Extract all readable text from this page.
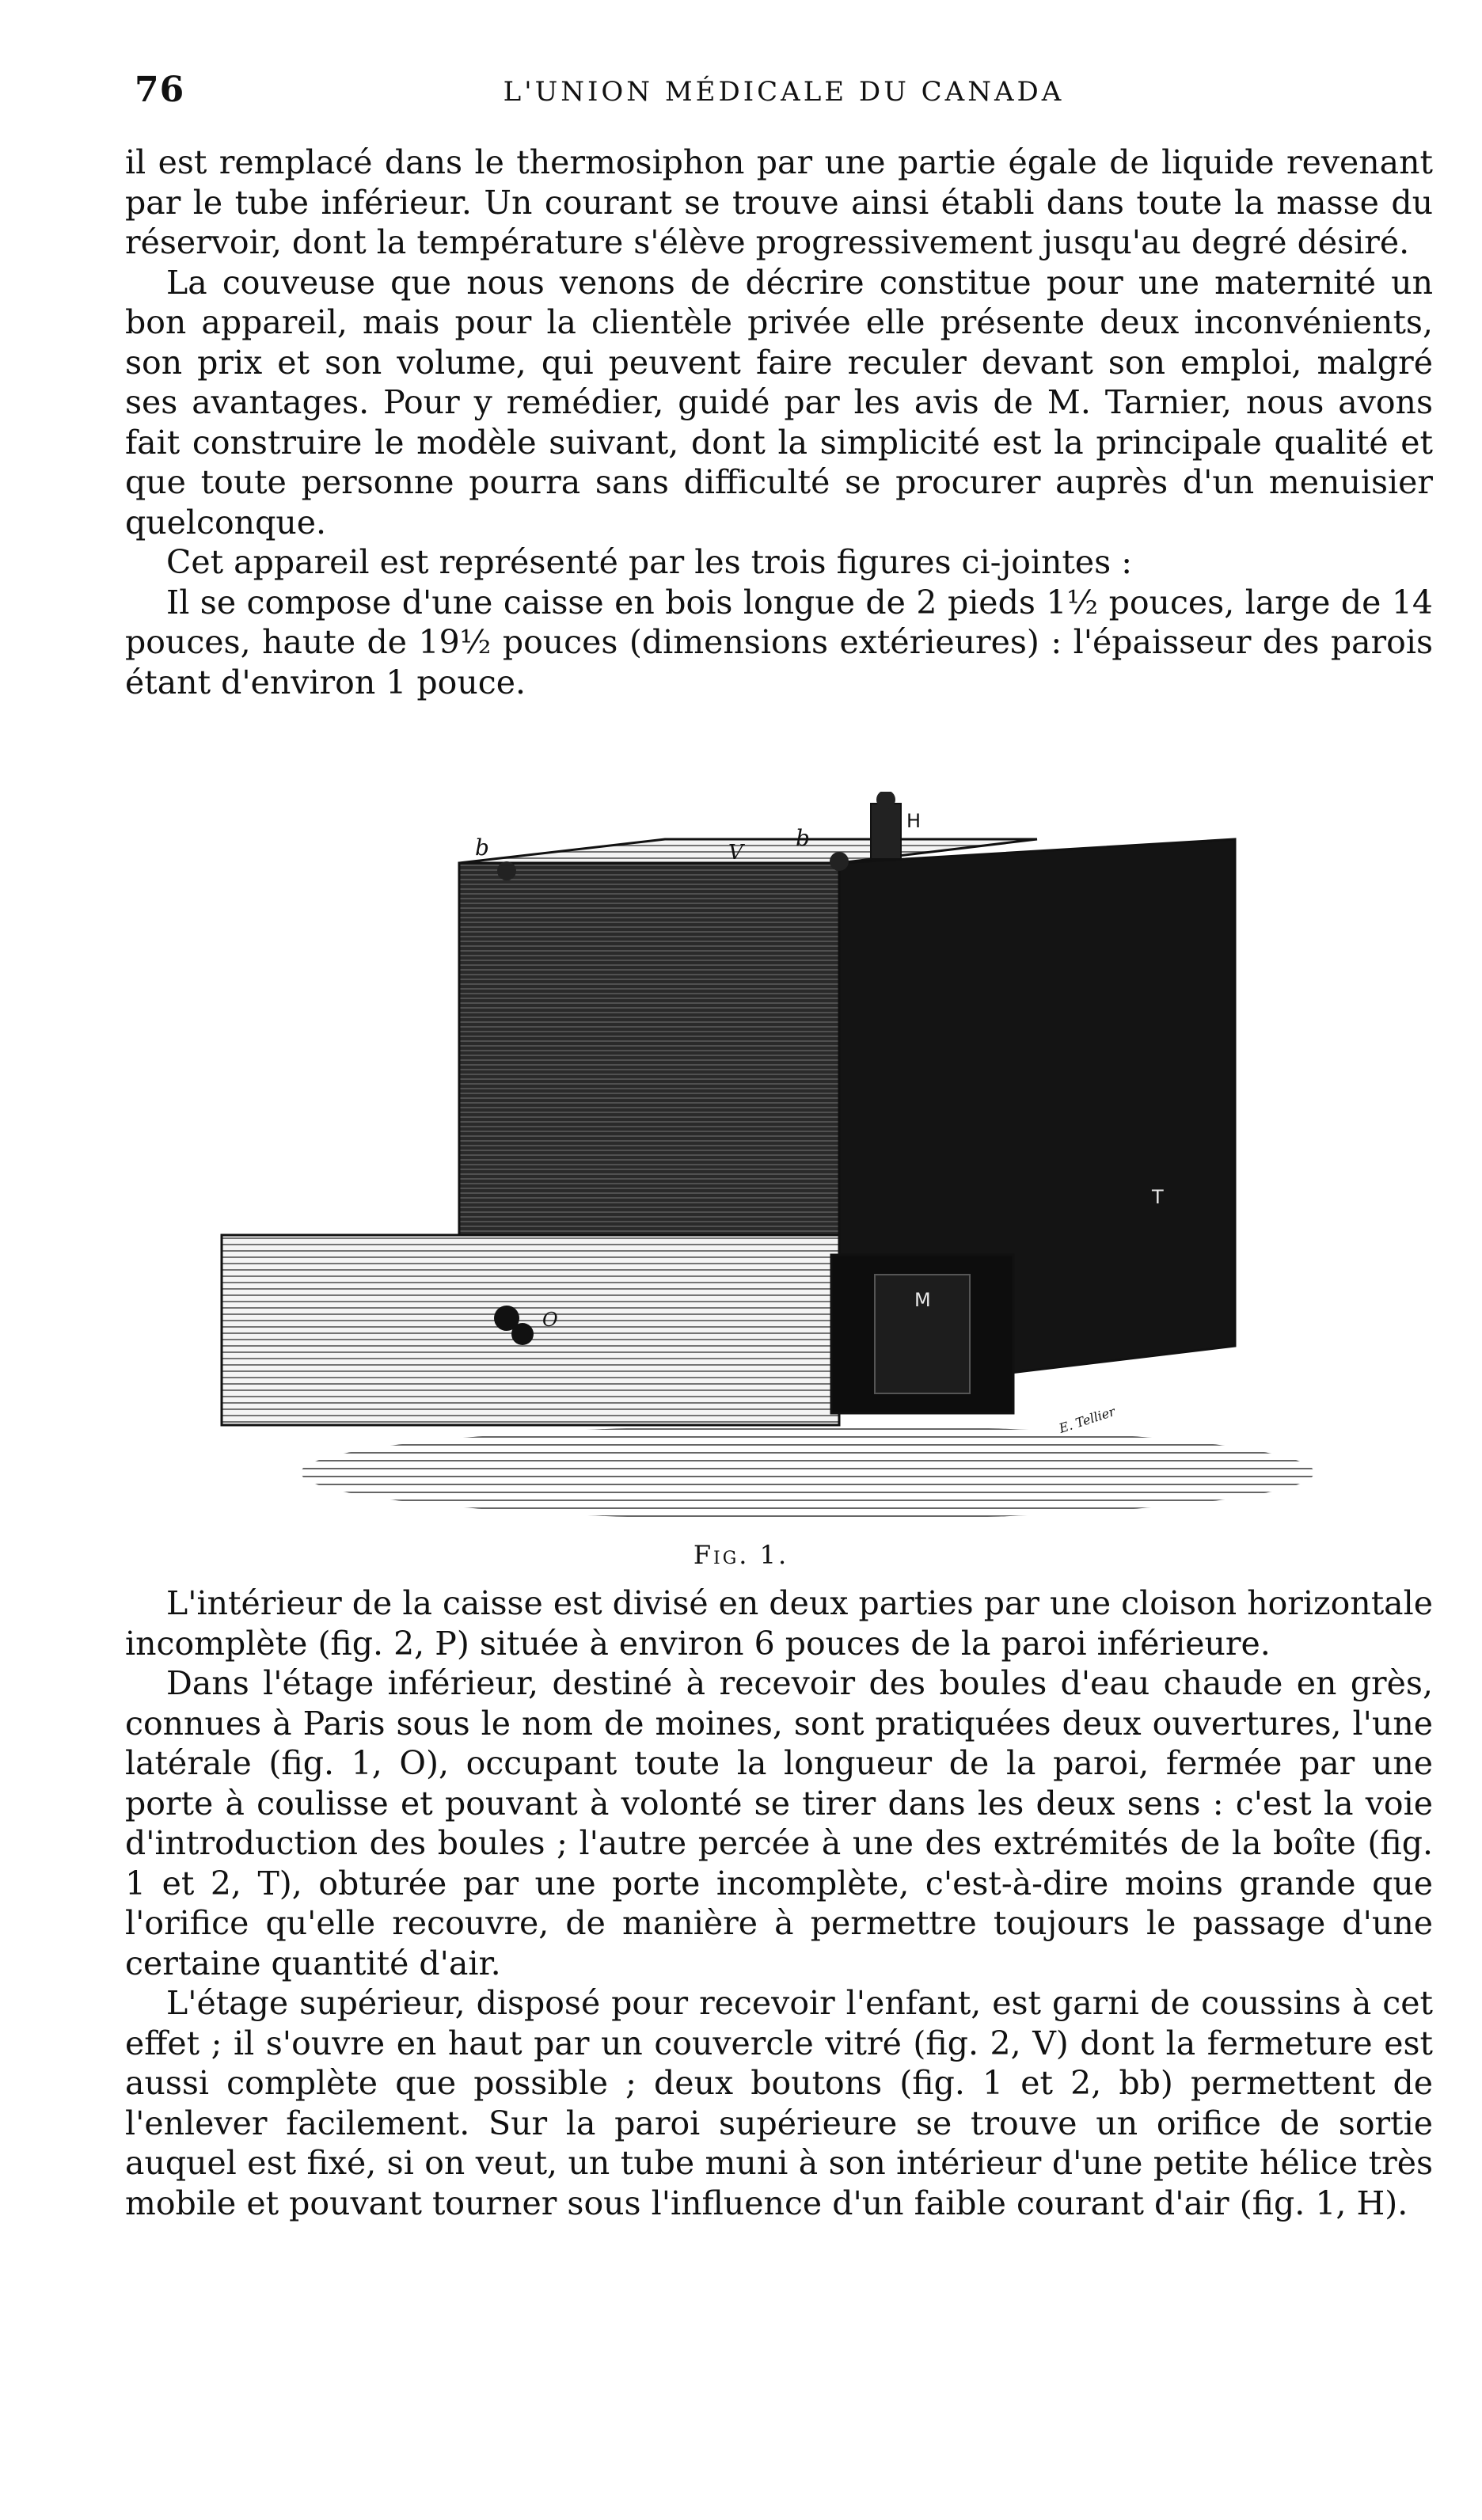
76	L'UNION MÉDICALE DU CANADA

il est remplacé dans le thermosiphon par une partie égale de liquide revenant par le tube inférieur. Un courant se trouve ainsi établi dans toute la masse du réservoir, dont la température s'élève progressivement jusqu'au degré désiré.

La couveuse que nous venons de décrire constitue pour une maternité un bon appareil, mais pour la clientèle privée elle présente deux inconvénients, son prix et son volume, qui peuvent faire reculer devant son emploi, malgré ses avantages. Pour y remédier, guidé par les avis de M. Tarnier, nous avons fait construire le modèle suivant, dont la simplicité est la principale qualité et que toute personne pourra sans difficulté se procurer auprès d'un menuisier quelconque.

Cet appareil est représenté par les trois figures ci-jointes :

Il se compose d'une caisse en bois longue de 2 pieds 1½ pouces, large de 14 pouces, haute de 19½ pouces (dimensions extérieures) : l'épaisseur des parois étant d'environ 1 pouce.

b	b
V
H
T
M
O
E. Tellier
Fig. 1.

L'intérieur de la caisse est divisé en deux parties par une cloison horizontale incomplète (fig. 2, P) située à environ 6 pouces de la paroi inférieure.

Dans l'étage inférieur, destiné à recevoir des boules d'eau chaude en grès, connues à Paris sous le nom de moines, sont pratiquées deux ouvertures, l'une latérale (fig. 1, O), occupant toute la longueur de la paroi, fermée par une porte à coulisse et pouvant à volonté se tirer dans les deux sens : c'est la voie d'introduction des boules ; l'autre percée à une des extrémités de la boîte (fig. 1 et 2, T), obturée par une porte incomplète, c'est-à-dire moins grande que l'orifice qu'elle recouvre, de manière à permettre toujours le passage d'une certaine quantité d'air.

L'étage supérieur, disposé pour recevoir l'enfant, est garni de coussins à cet effet ; il s'ouvre en haut par un couvercle vitré (fig. 2, V) dont la fermeture est aussi complète que possible ; deux boutons (fig. 1 et 2, bb) permettent de l'enlever facilement. Sur la paroi supérieure se trouve un orifice de sortie auquel est fixé, si on veut, un tube muni à son intérieur d'une petite hélice très mobile et pouvant tourner sous l'influence d'un faible courant d'air (fig. 1, H).
